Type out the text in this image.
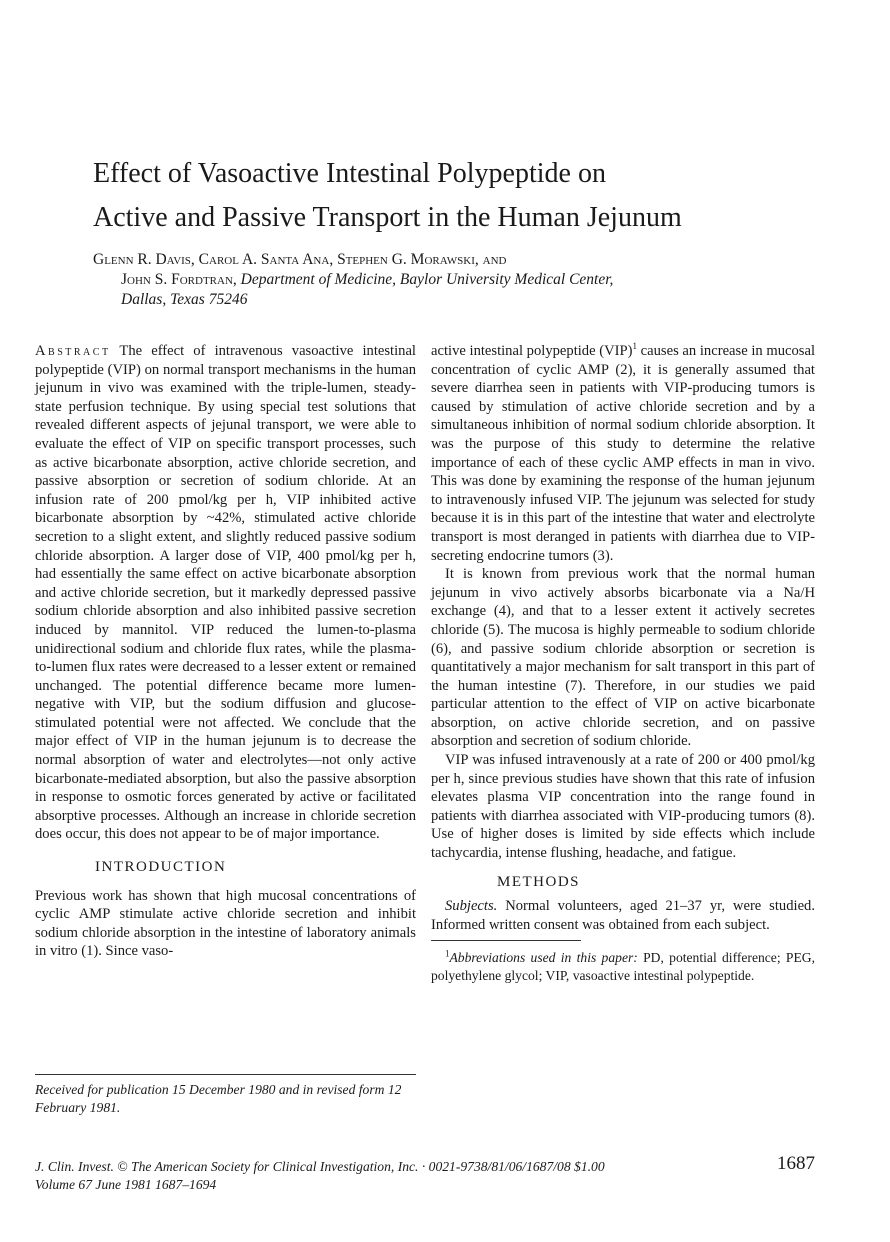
Effect of Vasoactive Intestinal Polypeptide on
Active and Passive Transport in the Human Jejunum
Glenn R. Davis, Carol A. Santa Ana, Stephen G. Morawski, and
John S. Fordtran, Department of Medicine, Baylor University Medical Center,
Dallas, Texas 75246

Abstract The effect of intravenous vasoactive intestinal polypeptide (VIP) on normal transport mechanisms in the human jejunum in vivo was examined with the triple-lumen, steady-state perfusion technique. By using special test solutions that revealed different aspects of jejunal transport, we were able to evaluate the effect of VIP on specific transport processes, such as active bicarbonate absorption, active chloride secretion, and passive absorption or secretion of sodium chloride. At an infusion rate of 200 pmol/kg per h, VIP inhibited active bicarbonate absorption by ~42%, stimulated active chloride secretion to a slight extent, and slightly reduced passive sodium chloride absorption. A larger dose of VIP, 400 pmol/kg per h, had essentially the same effect on active bicarbonate absorption and active chloride secretion, but it markedly depressed passive sodium chloride absorption and also inhibited passive secretion induced by mannitol. VIP reduced the lumen-to-plasma unidirectional sodium and chloride flux rates, while the plasma-to-lumen flux rates were decreased to a lesser extent or remained unchanged. The potential difference became more lumen-negative with VIP, but the sodium diffusion and glucose-stimulated potential were not affected. We conclude that the major effect of VIP in the human jejunum is to decrease the normal absorption of water and electrolytes—not only active bicarbonate-mediated absorption, but also the passive absorption in response to osmotic forces generated by active or facilitated absorptive processes. Although an increase in chloride secretion does occur, this does not appear to be of major importance.

INTRODUCTION

Previous work has shown that high mucosal concentrations of cyclic AMP stimulate active chloride secretion and inhibit sodium chloride absorption in the intestine of laboratory animals in vitro (1). Since vaso-

Received for publication 15 December 1980 and in revised form 12 February 1981.

active intestinal polypeptide (VIP)$^1$ causes an increase in mucosal concentration of cyclic AMP (2), it is generally assumed that severe diarrhea seen in patients with VIP-producing tumors is caused by stimulation of active chloride secretion and by a simultaneous inhibition of normal sodium chloride absorption. It was the purpose of this study to determine the relative importance of each of these cyclic AMP effects in man in vivo. This was done by examining the response of the human jejunum to intravenously infused VIP. The jejunum was selected for study because it is in this part of the intestine that water and electrolyte transport is most deranged in patients with diarrhea due to VIP-secreting endocrine tumors (3).

It is known from previous work that the normal human jejunum in vivo actively absorbs bicarbonate via a Na/H exchange (4), and that to a lesser extent it actively secretes chloride (5). The mucosa is highly permeable to sodium chloride (6), and passive sodium chloride absorption or secretion is quantitatively a major mechanism for salt transport in this part of the human intestine (7). Therefore, in our studies we paid particular attention to the effect of VIP on active bicarbonate absorption, on active chloride secretion, and on passive absorption and secretion of sodium chloride.

VIP was infused intravenously at a rate of 200 or 400 pmol/kg per h, since previous studies have shown that this rate of infusion elevates plasma VIP concentration into the range found in patients with diarrhea associated with VIP-producing tumors (8). Use of higher doses is limited by side effects which include tachycardia, intense flushing, headache, and fatigue.

METHODS

Subjects. Normal volunteers, aged 21–37 yr, were studied. Informed written consent was obtained from each subject.

$^1$Abbreviations used in this paper: PD, potential difference; PEG, polyethylene glycol; VIP, vasoactive intestinal polypeptide.

J. Clin. Invest. © The American Society for Clinical Investigation, Inc. · 0021-9738/81/06/1687/08 $1.00
Volume 67 June 1981 1687–1694
1687
